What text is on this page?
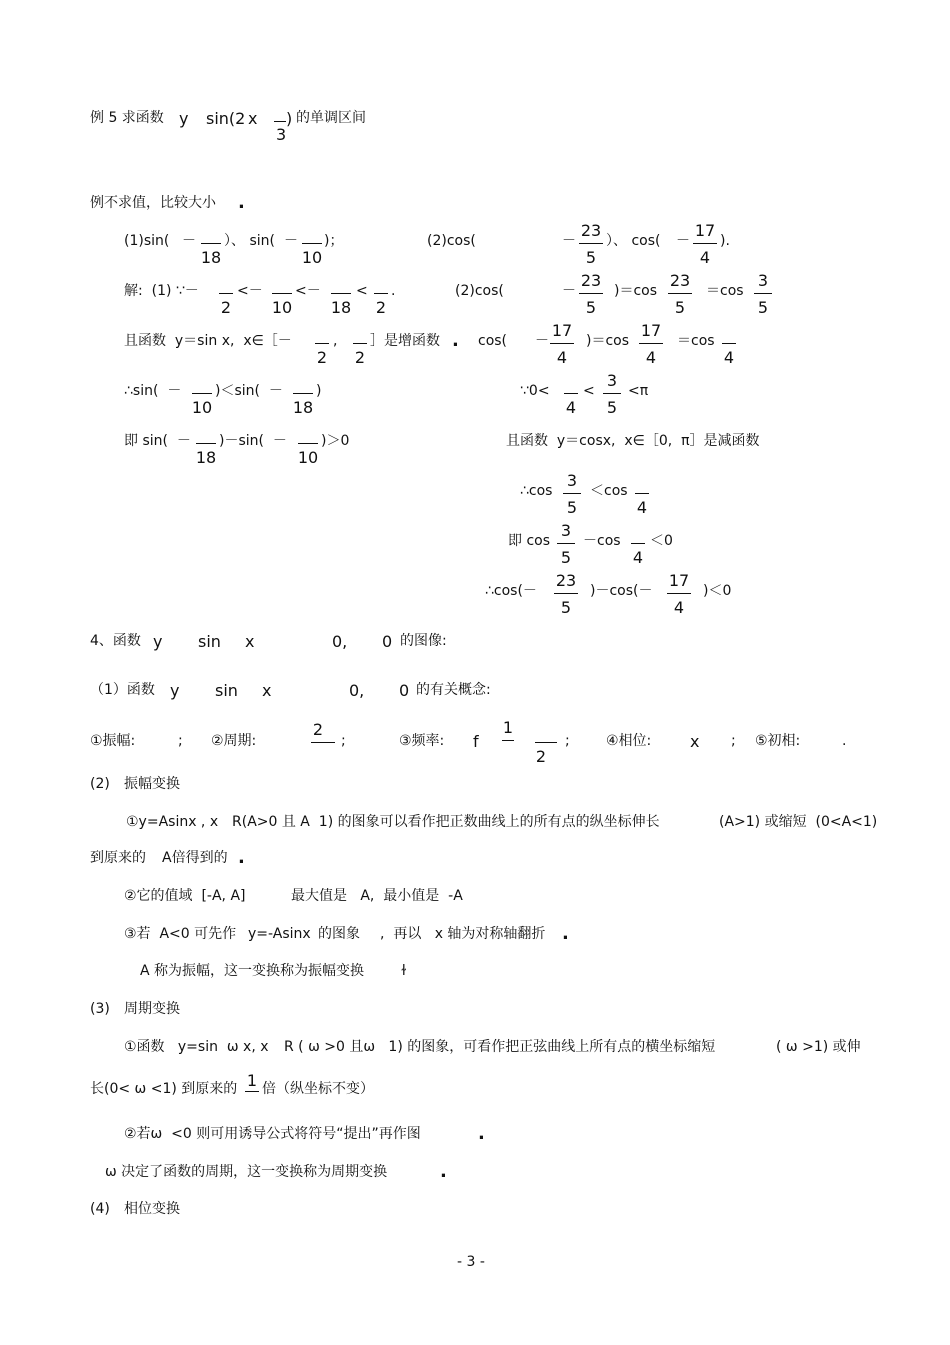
例 5 求函数 y sin(2 x
3
) 的单调区间
例不求值，比较大小 .
(1)sin( －
18
）、 sin( －
10
)；	(2)cos(	－
23
5
）、 cos( －
17
4
).
解:  (1) ∵－
2
<－
10
<－
18
<
2
.	(2)cos(	－
23
5
)＝cos
23
5
＝cos
3
5
且函数  y＝sin x,  x∈［－
2
,
2
］是增函数 . cos( －
17
4
)＝cos
17
4
＝cos
4
∴sin(  －
10
)＜sin(  －
18
)	∵0<
4
<
3
5
<π
即 sin(  －
18
)－sin(  －
10
)＞0	且函数  y＝cosx,  x∈［0,  π］是减函数
∴cos
3
5
＜cos
4
即 cos
3
5
－cos
4
＜0
∴cos(－
23
5
)－cos(－
17
4
)＜0
4、函数 y sin x	0, 0 的图像:
（1）函数 y sin x	0, 0 的有关概念:
①振幅:	; ②周期:
2
;	③频率: f
1
2
;	④相位: x ; ⑤初相:	.
(2) 振幅变换
①y=Asinx , x R(A>0 且 A  1) 的图象可以看作把正数曲线上的所有点的纵坐标伸长	(A>1) 或缩短  (0<A<1)
到原来的 A倍得到的 .
②它的值域  [-A, A]	最大值是   A,  最小值是  -A
③若  A<0 可先作 y=-Asinx 的图象 ,  再以   x 轴为对称轴翻折 .
A 称为振幅，这一变换称为振幅变换	ɫ
(3) 周期变换
①函数   y=sin  ω x, x R ( ω >0 且ω   1) 的图象，可看作把正弦曲线上所有点的横坐标缩短	( ω >1) 或伸
长(0< ω <1) 到原来的 1 倍（纵坐标不变）
②若ω  <0 则可用诱导公式将符号“提出”再作图	.
ω 决定了函数的周期，这一变换称为周期变换	.
(4) 相位变换
- 3 -
